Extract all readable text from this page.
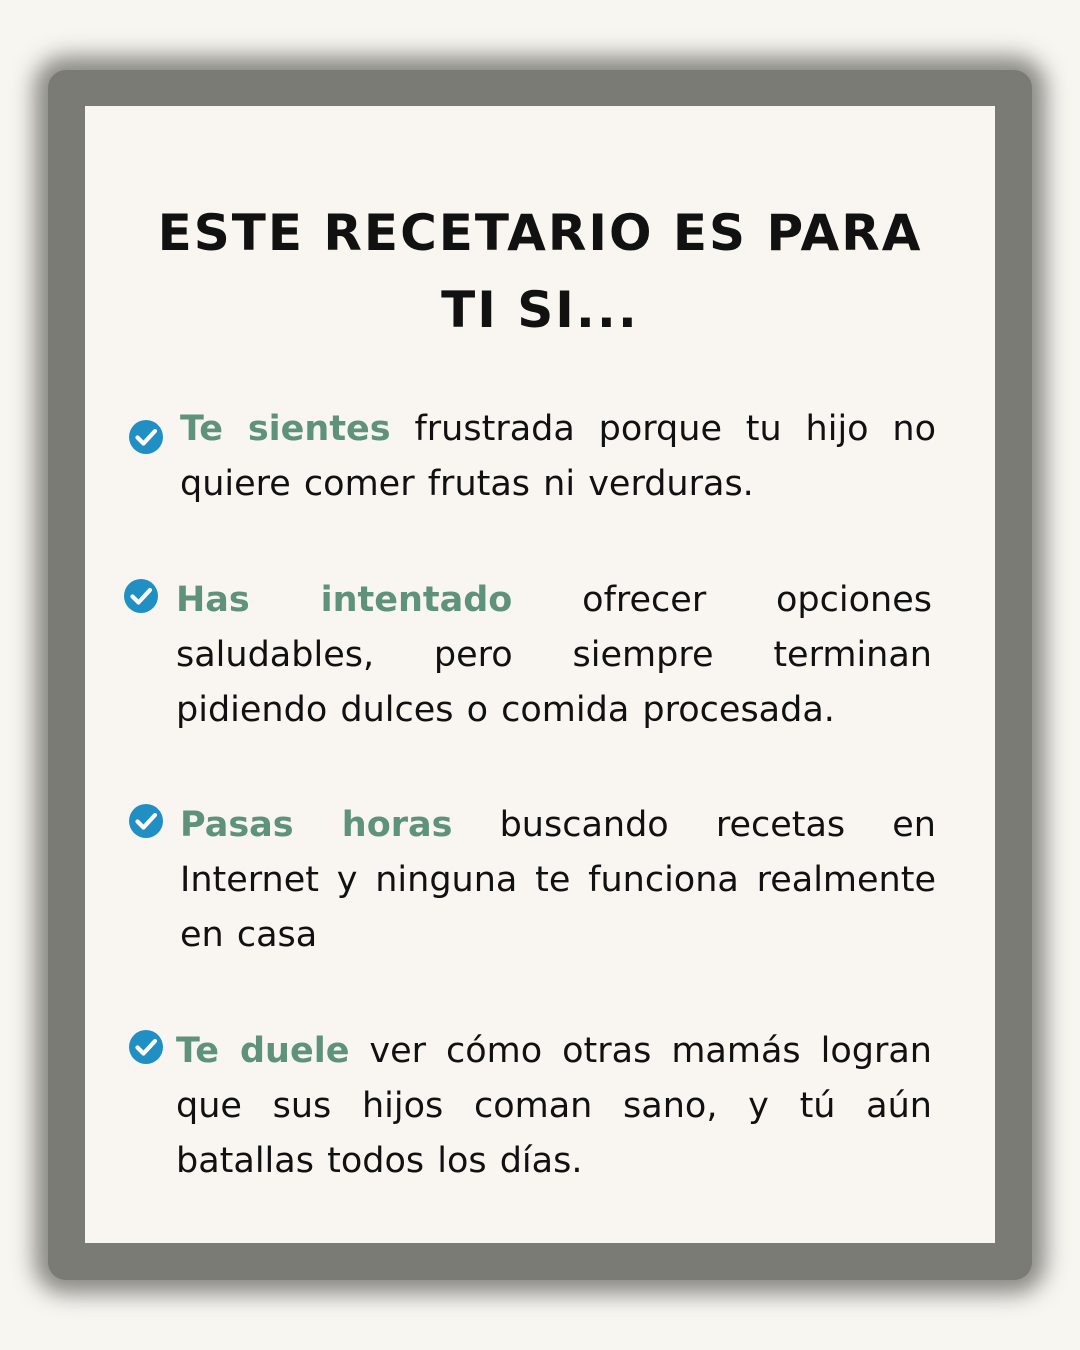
ESTE RECETARIO ES PARA
TI SI...
Te sientes frustrada porque tu hijo no quiere comer frutas ni verduras.
Has intentado ofrecer opciones saludables, pero siempre terminan pidiendo dulces o comida procesada.
Pasas horas buscando recetas en Internet y ninguna te funciona realmente en casa
Te duele ver cómo otras mamás logran que sus hijos coman sano, y tú aún batallas todos los días.
